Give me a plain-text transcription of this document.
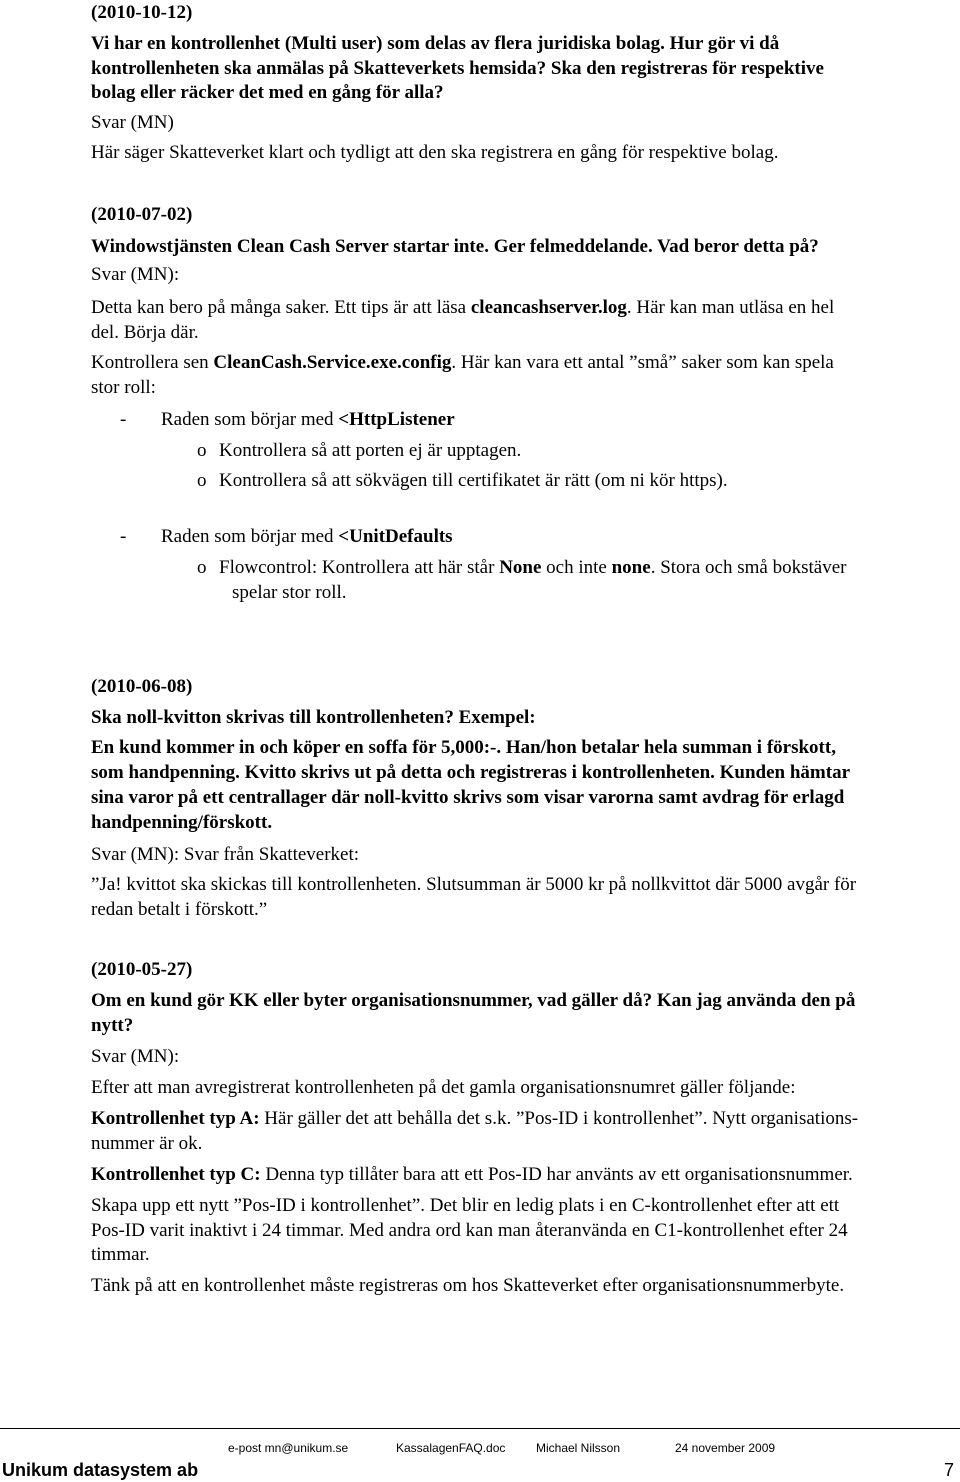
(2010-10-12)
Vi har en kontrollenhet (Multi user) som delas av flera juridiska bolag. Hur gör vi då
kontrollenheten ska anmälas på Skatteverkets hemsida? Ska den registreras för respektive
bolag eller räcker det med en gång för alla?
Svar (MN)
Här säger Skatteverket klart och tydligt att den ska registrera en gång för respektive bolag.
(2010-07-02)
Windowstjänsten Clean Cash Server startar inte. Ger felmeddelande. Vad beror detta på?
Svar (MN):
Detta kan bero på många saker. Ett tips är att läsa cleancashserver.log. Här kan man utläsa en hel
del. Börja där.
Kontrollera sen CleanCash.Service.exe.config. Här kan vara ett antal ”små” saker som kan spela
stor roll:
- Raden som börjar med <HttpListener
o Kontrollera så att porten ej är upptagen.
o Kontrollera så att sökvägen till certifikatet är rätt (om ni kör https).
- Raden som börjar med <UnitDefaults
o Flowcontrol: Kontrollera att här står None och inte none. Stora och små bokstäver
spelar stor roll.
(2010-06-08)
Ska noll-kvitton skrivas till kontrollenheten? Exempel:
En kund kommer in och köper en soffa för 5,000:-. Han/hon betalar hela summan i förskott,
som handpenning. Kvitto skrivs ut på detta och registreras i kontrollenheten. Kunden hämtar
sina varor på ett centrallager där noll-kvitto skrivs som visar varorna samt avdrag för erlagd
handpenning/förskott.
Svar (MN): Svar från Skatteverket:
”Ja! kvittot ska skickas till kontrollenheten. Slutsumman är 5000 kr på nollkvittot där 5000 avgår för
redan betalt i förskott.”
(2010-05-27)
Om en kund gör KK eller byter organisationsnummer, vad gäller då? Kan jag använda den på
nytt?
Svar (MN):
Efter att man avregistrerat kontrollenheten på det gamla organisationsnumret gäller följande:
Kontrollenhet typ A: Här gäller det att behålla det s.k. ”Pos-ID i kontrollenhet”. Nytt organisations-
nummer är ok.
Kontrollenhet typ C: Denna typ tillåter bara att ett Pos-ID har använts av ett organisationsnummer.
Skapa upp ett nytt ”Pos-ID i kontrollenhet”. Det blir en ledig plats i en C-kontrollenhet efter att ett
Pos-ID varit inaktivt i 24 timmar. Med andra ord kan man återanvända en C1-kontrollenhet efter 24
timmar.
Tänk på att en kontrollenhet måste registreras om hos Skatteverket efter organisationsnummerbyte.
e-post mn@unikum.se	KassalagenFAQ.doc	Michael Nilsson	24 november 2009
Unikum datasystem ab	7
